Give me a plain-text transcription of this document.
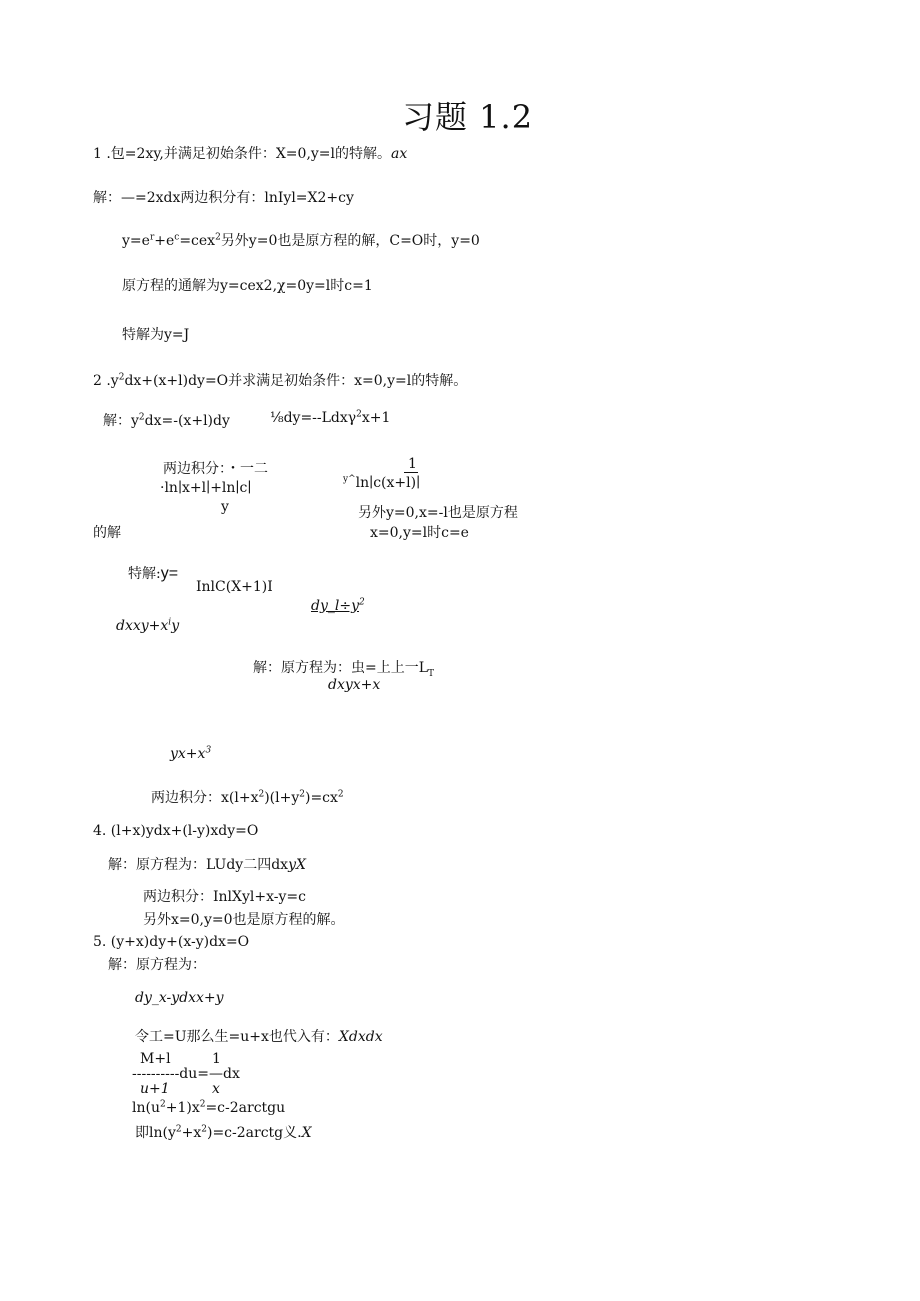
习题 1.2
1 .包=2xy,并满足初始条件：X=0,y=l的特解。ax
解：—=2xdx两边积分有：lnIyl=X2+cy
$y=e^r+e^c=cex^2$另外y=0也是原方程的解，C=O时，y=0
原方程的通解为y=cex2,χ=0y=l时c=1
特解为y=J
2 $.y^2dx+(x+l)dy=O$并求满足初始条件：x=0,y=l的特解。
解：$y^2dx=-(x+l)dy$	⅛dy=--Ldxγ$^2$x+1
两边积分：・一二	1
·ln∣x+l∣+ln∣c∣
$^{y\^{}}$ln∣c(x+l)∣
y	另外y=0,x=-l也是原方程
的解	x=0,y=l时c=e
特解:y=
InlC(X+1)I
$dy\_l\div y^2$
$dxxy+x^iy$
解：原方程为：虫=上上一$L_T$
dxyx+x
$yx+x^3$
两边积分：$x(l+x^2)(l+y^2)=cx^2$
4. (l+x)ydx+(l-y)xdy=O
解：原方程为：LUdy二四dxyX
两边积分：InlXyl+x-y=c
另外x=0,y=0也是原方程的解。
5. (y+x)dy+(x-y)dx=O
解：原方程为：
dy_x-ydxx+y
令工=U那么生=u+x也代入有：Xdxdx
M+l	1
----------du=—dx
u+1	x
$\ln(u^2+1)x^2=c-2arctgu$
即$\ln(y^2+x^2)=c-2arctg$义.X
